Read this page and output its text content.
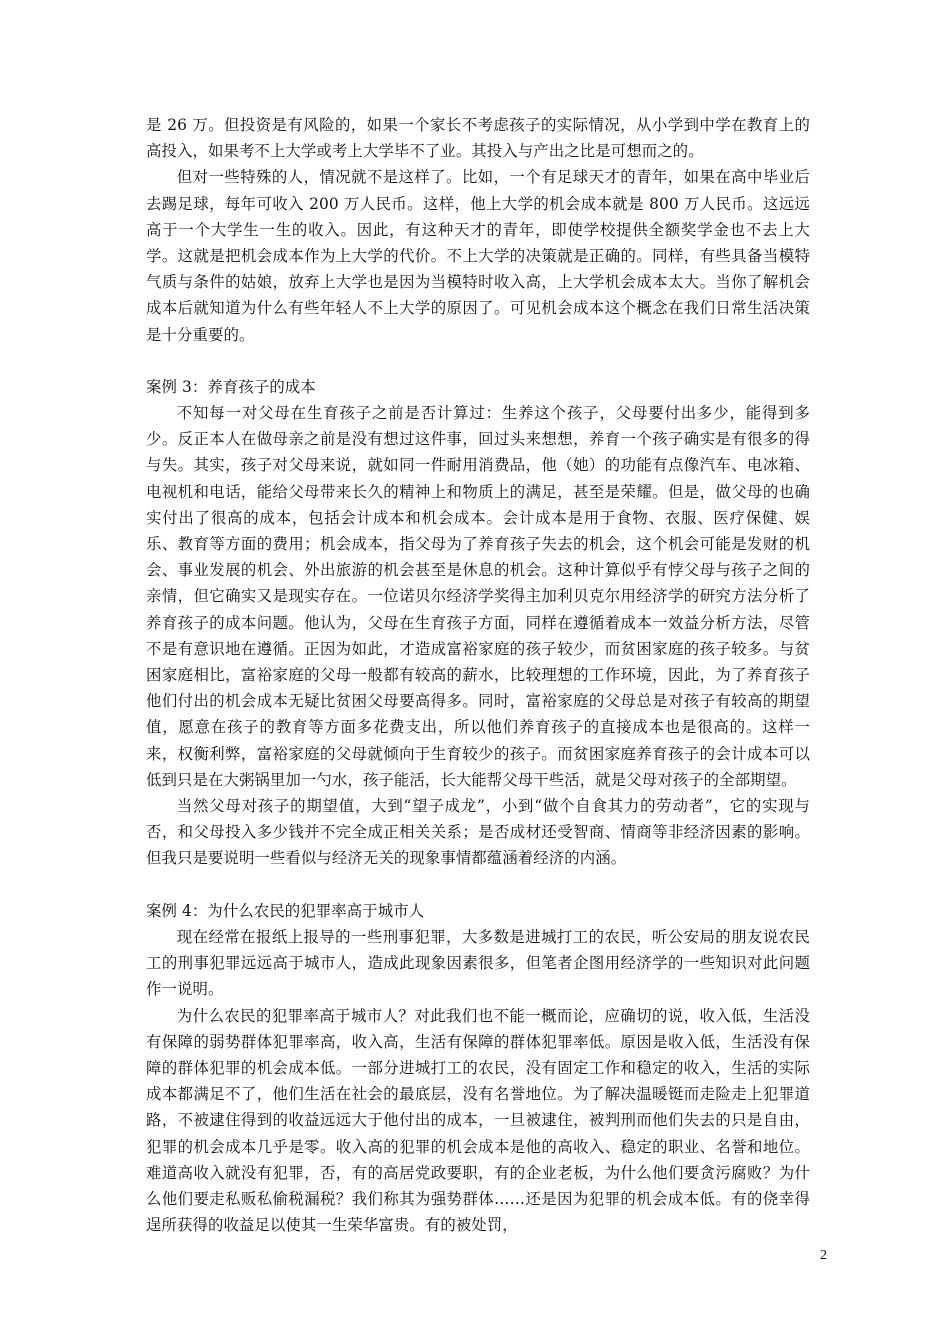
是 26 万。但投资是有风险的，如果一个家长不考虑孩子的实际情况，从小学到中学在教育上的高投入，如果考不上大学或考上大学毕不了业。其投入与产出之比是可想而之的。

但对一些特殊的人，情况就不是这样了。比如，一个有足球天才的青年，如果在高中毕业后去踢足球，每年可收入 200 万人民币。这样，他上大学的机会成本就是 800 万人民币。这远远高于一个大学生一生的收入。因此，有这种天才的青年，即使学校提供全额奖学金也不去上大学。这就是把机会成本作为上大学的代价。不上大学的决策就是正确的。同样，有些具备当模特气质与条件的姑娘，放弃上大学也是因为当模特时收入高，上大学机会成本太大。当你了解机会成本后就知道为什么有些年轻人不上大学的原因了。可见机会成本这个概念在我们日常生活决策是十分重要的。

案例 3：养育孩子的成本

不知每一对父母在生育孩子之前是否计算过：生养这个孩子，父母要付出多少，能得到多少。反正本人在做母亲之前是没有想过这件事，回过头来想想，养育一个孩子确实是有很多的得与失。其实，孩子对父母来说，就如同一件耐用消费品，他（她）的功能有点像汽车、电冰箱、电视机和电话，能给父母带来长久的精神上和物质上的满足，甚至是荣耀。但是，做父母的也确实付出了很高的成本，包括会计成本和机会成本。会计成本是用于食物、衣服、医疗保健、娱乐、教育等方面的费用；机会成本，指父母为了养育孩子失去的机会，这个机会可能是发财的机会、事业发展的机会、外出旅游的机会甚至是休息的机会。这种计算似乎有悖父母与孩子之间的亲情，但它确实又是现实存在。一位诺贝尔经济学奖得主加利贝克尔用经济学的研究方法分析了养育孩子的成本问题。他认为，父母在生育孩子方面，同样在遵循着成本一效益分析方法，尽管不是有意识地在遵循。正因为如此，才造成富裕家庭的孩子较少，而贫困家庭的孩子较多。与贫困家庭相比，富裕家庭的父母一般都有较高的薪水，比较理想的工作环境，因此，为了养育孩子他们付出的机会成本无疑比贫困父母要高得多。同时，富裕家庭的父母总是对孩子有较高的期望值，愿意在孩子的教育等方面多花费支出，所以他们养育孩子的直接成本也是很高的。这样一来，权衡利弊，富裕家庭的父母就倾向于生育较少的孩子。而贫困家庭养育孩子的会计成本可以低到只是在大粥锅里加一勺水，孩子能活，长大能帮父母干些活，就是父母对孩子的全部期望。

当然父母对孩子的期望值，大到“望子成龙”，小到“做个自食其力的劳动者”，它的实现与否，和父母投入多少钱并不完全成正相关关系；是否成材还受智商、情商等非经济因素的影响。但我只是要说明一些看似与经济无关的现象事情都蕴涵着经济的内涵。

案例 4：为什么农民的犯罪率高于城市人

现在经常在报纸上报导的一些刑事犯罪，大多数是进城打工的农民，听公安局的朋友说农民工的刑事犯罪远远高于城市人，造成此现象因素很多，但笔者企图用经济学的一些知识对此问题作一说明。

为什么农民的犯罪率高于城市人？对此我们也不能一概而论，应确切的说，收入低，生活没有保障的弱势群体犯罪率高，收入高，生活有保障的群体犯罪率低。原因是收入低，生活没有保障的群体犯罪的机会成本低。一部分进城打工的农民，没有固定工作和稳定的收入，生活的实际成本都满足不了，他们生活在社会的最底层，没有名誉地位。为了解决温暖铤而走险走上犯罪道路，不被逮住得到的收益远远大于他付出的成本，一旦被逮住，被判刑而他们失去的只是自由，犯罪的机会成本几乎是零。收入高的犯罪的机会成本是他的高收入、稳定的职业、名誉和地位。难道高收入就没有犯罪，否，有的高居党政要职，有的企业老板，为什么他们要贪污腐败？为什么他们要走私贩私偷税漏税？我们称其为强势群体……还是因为犯罪的机会成本低。有的侥幸得逞所获得的收益足以使其一生荣华富贵。有的被处罚，

2
